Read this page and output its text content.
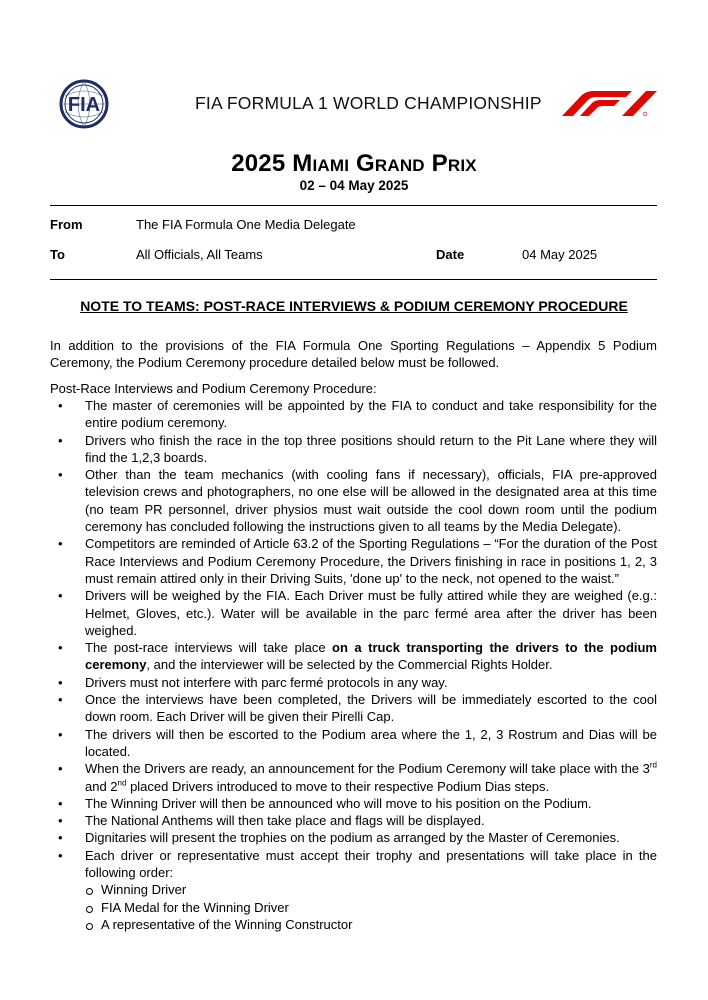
FIA	FIA FORMULA 1 WORLD CHAMPIONSHIP
2025 Miami Grand Prix
02 – 04 May 2025
From	The FIA Formula One Media Delegate
To	All Officials, All Teams	Date	04 May 2025
NOTE TO TEAMS: POST-RACE INTERVIEWS & PODIUM CEREMONY PROCEDURE
In addition to the provisions of the FIA Formula One Sporting Regulations – Appendix 5 Podium Ceremony, the Podium Ceremony procedure detailed below must be followed.
Post-Race Interviews and Podium Ceremony Procedure:
• The master of ceremonies will be appointed by the FIA to conduct and take responsibility for the entire podium ceremony.
• Drivers who finish the race in the top three positions should return to the Pit Lane where they will find the 1,2,3 boards.
• Other than the team mechanics (with cooling fans if necessary), officials, FIA pre-approved television crews and photographers, no one else will be allowed in the designated area at this time (no team PR personnel, driver physios must wait outside the cool down room until the podium ceremony has concluded following the instructions given to all teams by the Media Delegate).
• Competitors are reminded of Article 63.2 of the Sporting Regulations – “For the duration of the Post Race Interviews and Podium Ceremony Procedure, the Drivers finishing in race in positions 1, 2, 3 must remain attired only in their Driving Suits, 'done up' to the neck, not opened to the waist.”
• Drivers will be weighed by the FIA. Each Driver must be fully attired while they are weighed (e.g.: Helmet, Gloves, etc.). Water will be available in the parc fermé area after the driver has been weighed.
• The post-race interviews will take place on a truck transporting the drivers to the podium ceremony, and the interviewer will be selected by the Commercial Rights Holder.
• Drivers must not interfere with parc fermé protocols in any way.
• Once the interviews have been completed, the Drivers will be immediately escorted to the cool down room. Each Driver will be given their Pirelli Cap.
• The drivers will then be escorted to the Podium area where the 1, 2, 3 Rostrum and Dias will be located.
• When the Drivers are ready, an announcement for the Podium Ceremony will take place with the 3rd and 2nd placed Drivers introduced to move to their respective Podium Dias steps.
• The Winning Driver will then be announced who will move to his position on the Podium.
• The National Anthems will then take place and flags will be displayed.
• Dignitaries will present the trophies on the podium as arranged by the Master of Ceremonies.
• Each driver or representative must accept their trophy and presentations will take place in the following order:
Winning Driver
FIA Medal for the Winning Driver
A representative of the Winning Constructor
